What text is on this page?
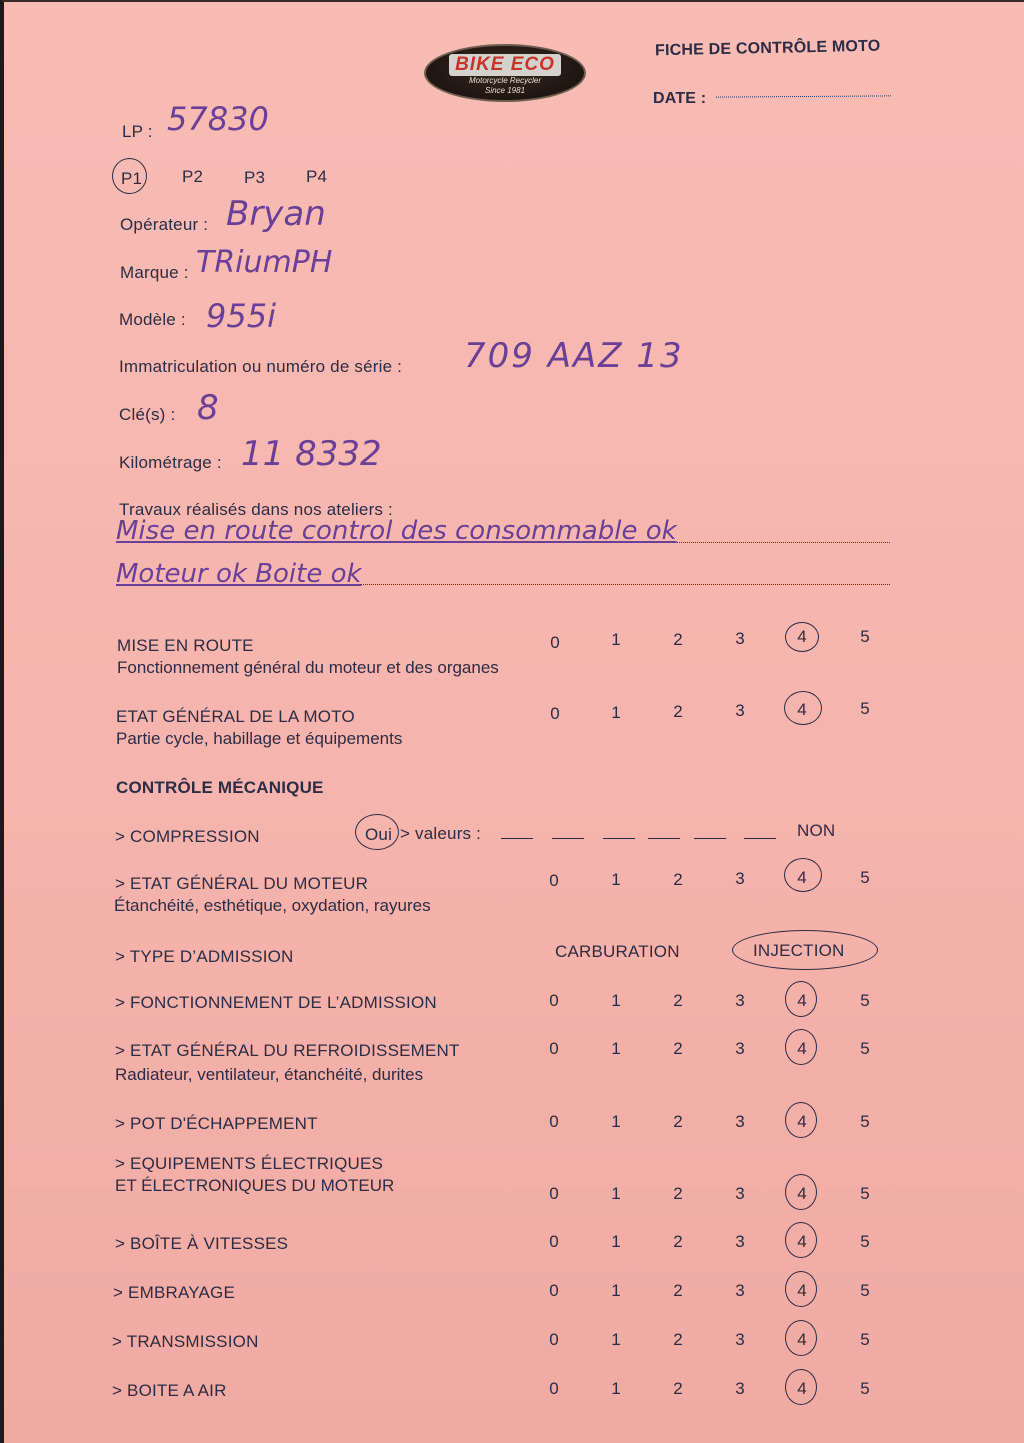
BIKE ECO
Motorcycle Recycler
Since 1981
FICHE DE CONTRÔLE MOTO
DATE :
LP : 57830
P1 P2 P3 P4
Opérateur : Bryan
Marque : TRiumPH
Modèle : 955i
Immatriculation ou numéro de série : 709 AAZ 13
Clé(s) : 8
Kilométrage : 11 8332
Travaux réalisés dans nos ateliers :
Mise en route control des consommable ok
Moteur ok Boite ok
MISE EN ROUTE
Fonctionnement général du moteur et des organes
0	1	2	3	4	5
ETAT GÉNÉRAL DE LA MOTO
Partie cycle, habillage et équipements
0	1	2	3	4	5
CONTRÔLE MÉCANIQUE
> COMPRESSION	Oui > valeurs :	NON
> ETAT GÉNÉRAL DU MOTEUR
Étanchéité, esthétique, oxydation, rayures
0	1	2	3	4	5
> TYPE D’ADMISSION	CARBURATION	INJECTION
> FONCTIONNEMENT DE L’ADMISSION	0	1	2	3	4	5
> ETAT GÉNÉRAL DU REFROIDISSEMENT
Radiateur, ventilateur, étanchéité, durites
0	1	2	3	4	5
> POT D'ÉCHAPPEMENT	0	1	2	3	4	5
> EQUIPEMENTS ÉLECTRIQUES
ET ÉLECTRONIQUES DU MOTEUR	0	1	2	3	4	5
> BOÎTE À VITESSES	0	1	2	3	4	5
> EMBRAYAGE	0	1	2	3	4	5
> TRANSMISSION	0	1	2	3	4	5
> BOITE A AIR	0	1	2	3	4	5
